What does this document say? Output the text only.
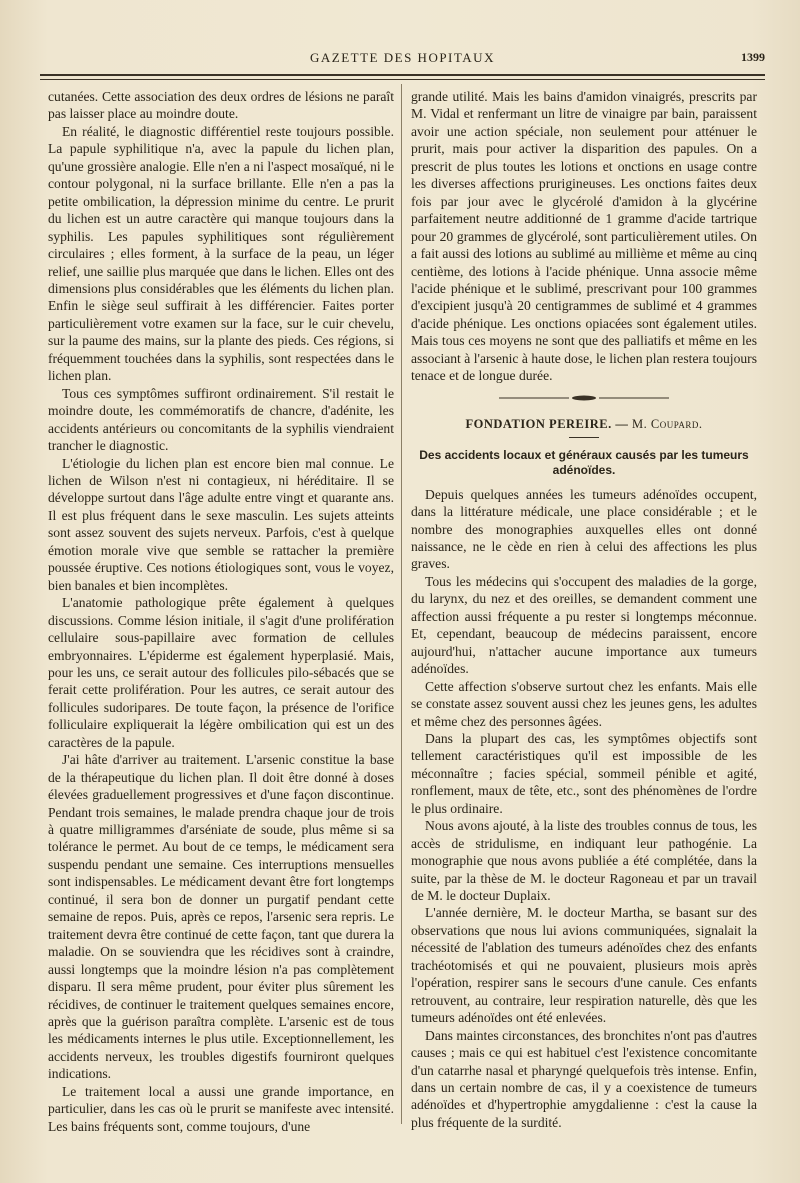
GAZETTE DES HOPITAUX	1399

cutanées. Cette association des deux ordres de lésions ne paraît pas laisser place au moindre doute.

En réalité, le diagnostic différentiel reste toujours possible. La papule syphilitique n'a, avec la papule du lichen plan, qu'une grossière analogie. Elle n'en a ni l'aspect mosaïqué, ni le contour polygonal, ni la surface brillante. Elle n'en a pas la petite ombilication, la dépression minime du centre. Le prurit du lichen est un autre caractère qui manque toujours dans la syphilis. Les papules syphilitiques sont régulièrement circulaires ; elles forment, à la surface de la peau, un léger relief, une saillie plus marquée que dans le lichen. Elles ont des dimensions plus considérables que les éléments du lichen plan. Enfin le siège seul suffirait à les différencier. Faites porter particulièrement votre examen sur la face, sur le cuir chevelu, sur la paume des mains, sur la plante des pieds. Ces régions, si fréquemment touchées dans la syphilis, sont respectées dans le lichen plan.

Tous ces symptômes suffiront ordinairement. S'il restait le moindre doute, les commémoratifs de chancre, d'adénite, les accidents antérieurs ou concomitants de la syphilis viendraient trancher le diagnostic.

L'étiologie du lichen plan est encore bien mal connue. Le lichen de Wilson n'est ni contagieux, ni héréditaire. Il se développe surtout dans l'âge adulte entre vingt et quarante ans. Il est plus fréquent dans le sexe masculin. Les sujets atteints sont assez souvent des sujets nerveux. Parfois, c'est à quelque émotion morale vive que semble se rattacher la première poussée éruptive. Ces notions étiologiques sont, vous le voyez, bien banales et bien incomplètes.

L'anatomie pathologique prête également à quelques discussions. Comme lésion initiale, il s'agit d'une prolifération cellulaire sous-papillaire avec formation de cellules embryonnaires. L'épiderme est également hyperplasié. Mais, pour les uns, ce serait autour des follicules pilo-sébacés que se ferait cette prolifération. Pour les autres, ce serait autour des follicules sudoripares. De toute façon, la présence de l'orifice folliculaire expliquerait la légère ombilication qui est un des caractères de la papule.

J'ai hâte d'arriver au traitement. L'arsenic constitue la base de la thérapeutique du lichen plan. Il doit être donné à doses élevées graduellement progressives et d'une façon discontinue. Pendant trois semaines, le malade prendra chaque jour de trois à quatre milligrammes d'arséniate de soude, plus même si sa tolérance le permet. Au bout de ce temps, le médicament sera suspendu pendant une semaine. Ces interruptions mensuelles sont indispensables. Le médicament devant être fort longtemps continué, il sera bon de donner un purgatif pendant cette semaine de repos. Puis, après ce repos, l'arsenic sera repris. Le traitement devra être continué de cette façon, tant que durera la maladie. On se souviendra que les récidives sont à craindre, aussi longtemps que la moindre lésion n'a pas complètement disparu. Il sera même prudent, pour éviter plus sûrement les récidives, de continuer le traitement quelques semaines encore, après que la guérison paraîtra complète. L'arsenic est de tous les médicaments internes le plus utile. Exceptionnellement, les accidents nerveux, les troubles digestifs fourniront quelques indications.

Le traitement local a aussi une grande importance, en particulier, dans les cas où le prurit se manifeste avec intensité. Les bains fréquents sont, comme toujours, d'une

grande utilité. Mais les bains d'amidon vinaigrés, prescrits par M. Vidal et renfermant un litre de vinaigre par bain, paraissent avoir une action spéciale, non seulement pour atténuer le prurit, mais pour activer la disparition des papules. On a prescrit de plus toutes les lotions et onctions en usage contre les diverses affections prurigineuses. Les onctions faites deux fois par jour avec le glycérolé d'amidon à la glycérine parfaitement neutre additionné de 1 gramme d'acide tartrique pour 20 grammes de glycérolé, sont particulièrement utiles. On a fait aussi des lotions au sublimé au millième et même au cinq centième, des lotions à l'acide phénique. Unna associe même l'acide phénique et le sublimé, prescrivant pour 100 grammes d'excipient jusqu'à 20 centigrammes de sublimé et 4 grammes d'acide phénique. Les onctions opiacées sont également utiles. Mais tous ces moyens ne sont que des palliatifs et même en les associant à l'arsenic à haute dose, le lichen plan restera toujours tenace et de longue durée.

FONDATION PEREIRE. — M. Coupard.
Des accidents locaux et généraux causés par les tumeurs adénoïdes.

Depuis quelques années les tumeurs adénoïdes occupent, dans la littérature médicale, une place considérable ; et le nombre des monographies auxquelles elles ont donné naissance, ne le cède en rien à celui des affections les plus graves.

Tous les médecins qui s'occupent des maladies de la gorge, du larynx, du nez et des oreilles, se demandent comment une affection aussi fréquente a pu rester si longtemps méconnue. Et, cependant, beaucoup de médecins paraissent, encore aujourd'hui, n'attacher aucune importance aux tumeurs adénoïdes.

Cette affection s'observe surtout chez les enfants. Mais elle se constate assez souvent aussi chez les jeunes gens, les adultes et même chez des personnes âgées.

Dans la plupart des cas, les symptômes objectifs sont tellement caractéristiques qu'il est impossible de les méconnaître ; facies spécial, sommeil pénible et agité, ronflement, maux de tête, etc., sont des phénomènes de l'ordre le plus ordinaire.

Nous avons ajouté, à la liste des troubles connus de tous, les accès de stridulisme, en indiquant leur pathogénie. La monographie que nous avons publiée a été complétée, dans la suite, par la thèse de M. le docteur Ragoneau et par un travail de M. le docteur Duplaix.

L'année dernière, M. le docteur Martha, se basant sur des observations que nous lui avions communiquées, signalait la nécessité de l'ablation des tumeurs adénoïdes chez des enfants trachéotomisés et qui ne pouvaient, plusieurs mois après l'opération, respirer sans le secours d'une canule. Ces enfants retrouvent, au contraire, leur respiration naturelle, dès que les tumeurs adénoïdes ont été enlevées.

Dans maintes circonstances, des bronchites n'ont pas d'autres causes ; mais ce qui est habituel c'est l'existence concomitante d'un catarrhe nasal et pharyngé quelquefois très intense. Enfin, dans un certain nombre de cas, il y a coexistence de tumeurs adénoïdes et d'hypertrophie amygdalienne : c'est la cause la plus fréquente de la surdité.
